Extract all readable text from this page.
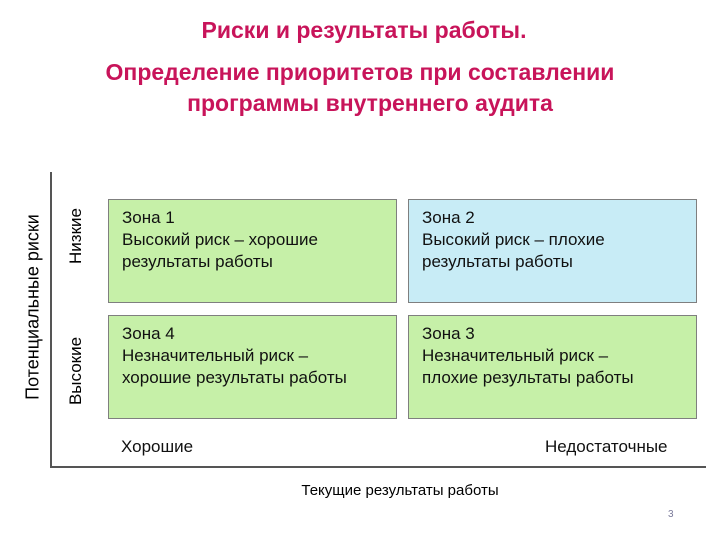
Риски и результаты работы.
Определение приоритетов при составлении
программы внутреннего аудита
Потенциальные риски Низкие
Высокие
Зона 1
Высокий риск – хорошие
результаты работы
Зона 2
Высокий риск – плохие
результаты работы
Зона 4
Незначительный риск –
хорошие результаты работы
Зона 3
Незначительный риск –
плохие результаты работы
Хорошие	Недостаточные
Текущие результаты работы
3
